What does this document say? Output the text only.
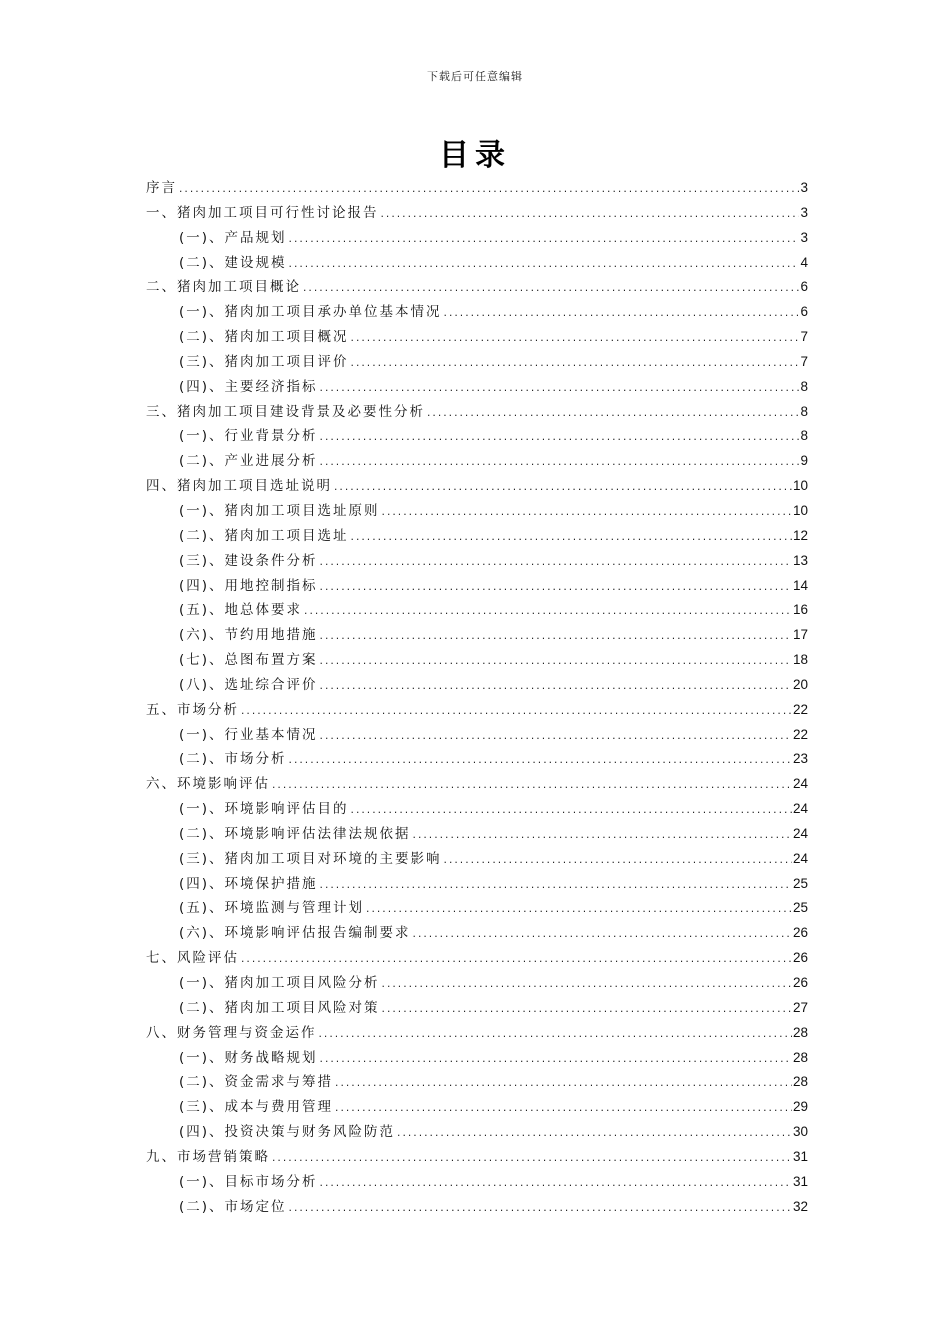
下载后可任意编辑
目录
序言 .....	3
一、猪肉加工项目可行性讨论报告 .....	3
(一)、产品规划 .....	3
(二)、建设规模 .....	4
二、猪肉加工项目概论 .....	6
(一)、猪肉加工项目承办单位基本情况 .....	6
(二)、猪肉加工项目概况 .....	7
(三)、猪肉加工项目评价 .....	7
(四)、主要经济指标 .....	8
三、猪肉加工项目建设背景及必要性分析 .....	8
(一)、行业背景分析 .....	8
(二)、产业进展分析 .....	9
四、猪肉加工项目选址说明 .....	10
(一)、猪肉加工项目选址原则 .....	10
(二)、猪肉加工项目选址 .....	12
(三)、建设条件分析 .....	13
(四)、用地控制指标 .....	14
(五)、地总体要求 .....	16
(六)、节约用地措施 .....	17
(七)、总图布置方案 .....	18
(八)、选址综合评价 .....	20
五、市场分析 .....	22
(一)、行业基本情况 .....	22
(二)、市场分析 .....	23
六、环境影响评估 .....	24
(一)、环境影响评估目的 .....	24
(二)、环境影响评估法律法规依据 .....	24
(三)、猪肉加工项目对环境的主要影响 .....	24
(四)、环境保护措施 .....	25
(五)、环境监测与管理计划 .....	25
(六)、环境影响评估报告编制要求 .....	26
七、风险评估 .....	26
(一)、猪肉加工项目风险分析 .....	26
(二)、猪肉加工项目风险对策 .....	27
八、财务管理与资金运作 .....	28
(一)、财务战略规划 .....	28
(二)、资金需求与筹措 .....	28
(三)、成本与费用管理 .....	29
(四)、投资决策与财务风险防范 .....	30
九、市场营销策略 .....	31
(一)、目标市场分析 .....	31
(二)、市场定位 .....	32
